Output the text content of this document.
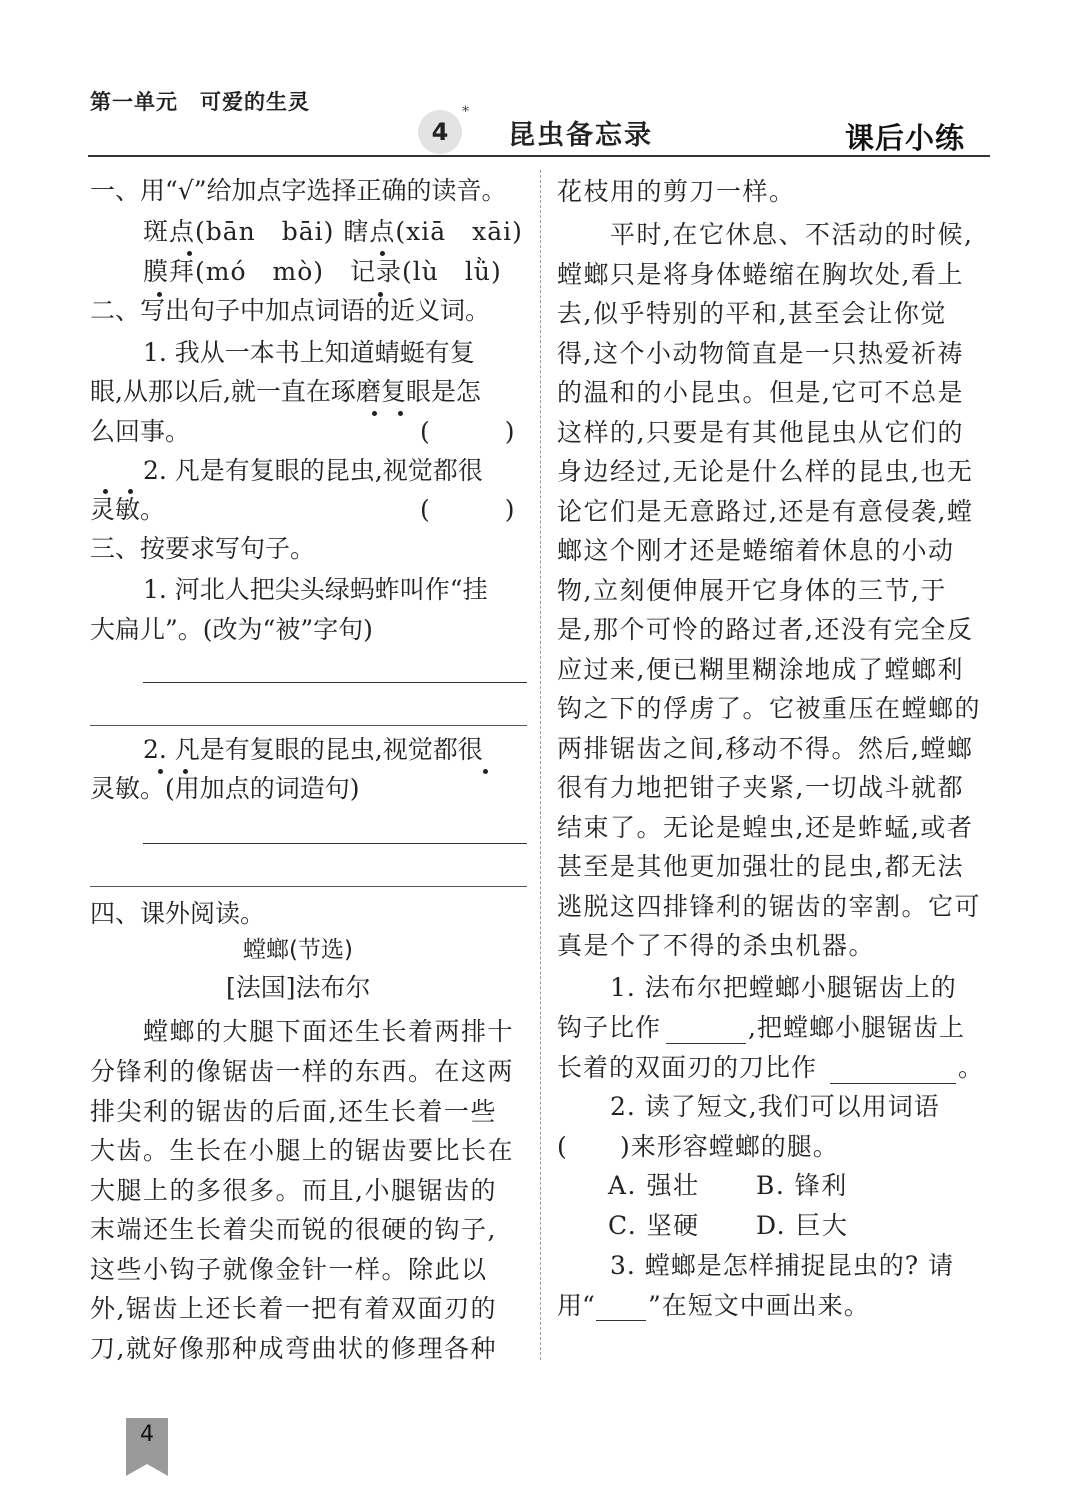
第一单元　可爱的生灵
4
*
昆虫备忘录	课后小练
一、用“√”给加点字选择正确的读音。
斑点(bān　bāi) 瞎点(xiā　xāi)
膜拜(mó　mò)　记录(lù　lǜ)
二、写出句子中加点词语的近义词。
1. 我从一本书上知道蜻蜓有复
眼,从那以后,就一直在琢磨复眼是怎
么回事。	(　　　)
2. 凡是有复眼的昆虫,视觉都很
灵敏。	(　　　)
三、按要求写句子。
1. 河北人把尖头绿蚂蚱叫作“挂
大扁儿”。(改为“被”字句)
2. 凡是有复眼的昆虫,视觉都很
灵敏。(用加点的词造句)
四、课外阅读。
螳螂(节选)
[法国]法布尔
螳螂的大腿下面还生长着两排十
分锋利的像锯齿一样的东西。在这两
排尖利的锯齿的后面,还生长着一些
大齿。生长在小腿上的锯齿要比长在
大腿上的多很多。而且,小腿锯齿的
末端还生长着尖而锐的很硬的钩子,
这些小钩子就像金针一样。除此以
外,锯齿上还长着一把有着双面刃的
刀,就好像那种成弯曲状的修理各种
花枝用的剪刀一样。
平时,在它休息、不活动的时候,
螳螂只是将身体蜷缩在胸坎处,看上
去,似乎特别的平和,甚至会让你觉
得,这个小动物简直是一只热爱祈祷
的温和的小昆虫。但是,它可不总是
这样的,只要是有其他昆虫从它们的
身边经过,无论是什么样的昆虫,也无
论它们是无意路过,还是有意侵袭,螳
螂这个刚才还是蜷缩着休息的小动
物,立刻便伸展开它身体的三节,于
是,那个可怜的路过者,还没有完全反
应过来,便已糊里糊涂地成了螳螂利
钩之下的俘虏了。它被重压在螳螂的
两排锯齿之间,移动不得。然后,螳螂
很有力地把钳子夹紧,一切战斗就都
结束了。无论是蝗虫,还是蚱蜢,或者
甚至是其他更加强壮的昆虫,都无法
逃脱这四排锋利的锯齿的宰割。它可
真是个了不得的杀虫机器。
1. 法布尔把螳螂小腿锯齿上的
钩子比作	,把螳螂小腿锯齿上
长着的双面刃的刀比作	。
2. 读了短文,我们可以用词语
( )来形容螳螂的腿。
A. 强壮 B. 锋利
C. 坚硬 D. 巨大
3. 螳螂是怎样捕捉昆虫的? 请
用“ ”在短文中画出来。
4
